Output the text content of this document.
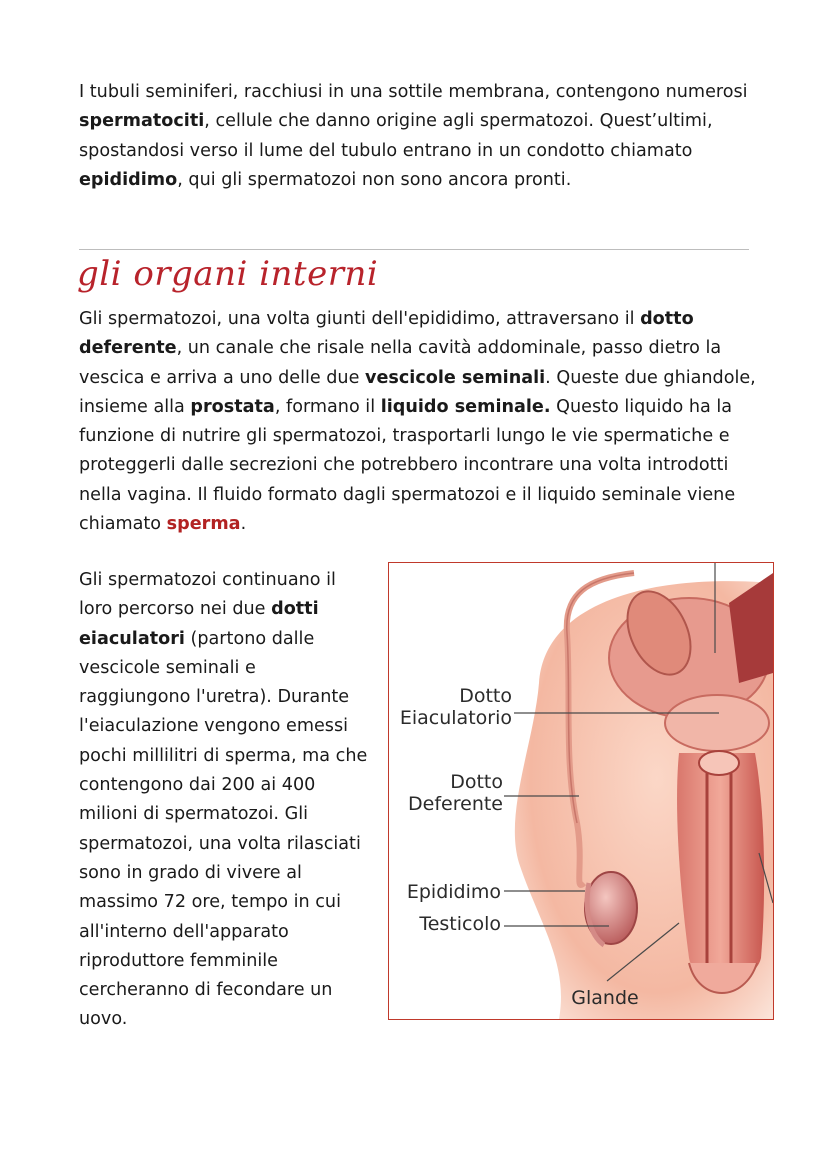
I tubuli seminiferi, racchiusi in una sottile membrana, contengono numerosi spermatociti, cellule che danno origine agli spermatozoi. Quest’ultimi, spostandosi verso il lume del tubulo entrano in un condotto chiamato epididimo, qui gli spermatozoi non sono ancora pronti.

gli organi interni

Gli spermatozoi, una volta giunti dell'epididimo, attraversano il dotto deferente, un canale che risale nella cavità addominale, passo dietro la vescica e arriva a uno delle due vescicole seminali. Queste due ghiandole, insieme alla prostata, formano il liquido seminale. Questo liquido ha la funzione di nutrire gli spermatozoi, trasportarli lungo le vie spermatiche e proteggerli dalle secrezioni che potrebbero incontrare una volta introdotti nella vagina. Il fluido formato dagli spermatozoi e il liquido seminale viene chiamato sperma.

Gli spermatozoi continuano il loro percorso nei due dotti eiaculatori (partono dalle vescicole seminali e raggiungono l'uretra). Durante l'eiaculazione vengono emessi pochi millilitri di sperma, ma che contengono dai 200 ai 400 milioni di spermatozoi. Gli spermatozoi, una volta rilasciati sono in grado di vivere al massimo 72 ore, tempo in cui all'interno dell'apparato riproduttore femminile cercheranno di fecondare un uovo.

Dotto
Eiaculatorio
Dotto
Deferente
Epididimo
Testicolo
Glande
